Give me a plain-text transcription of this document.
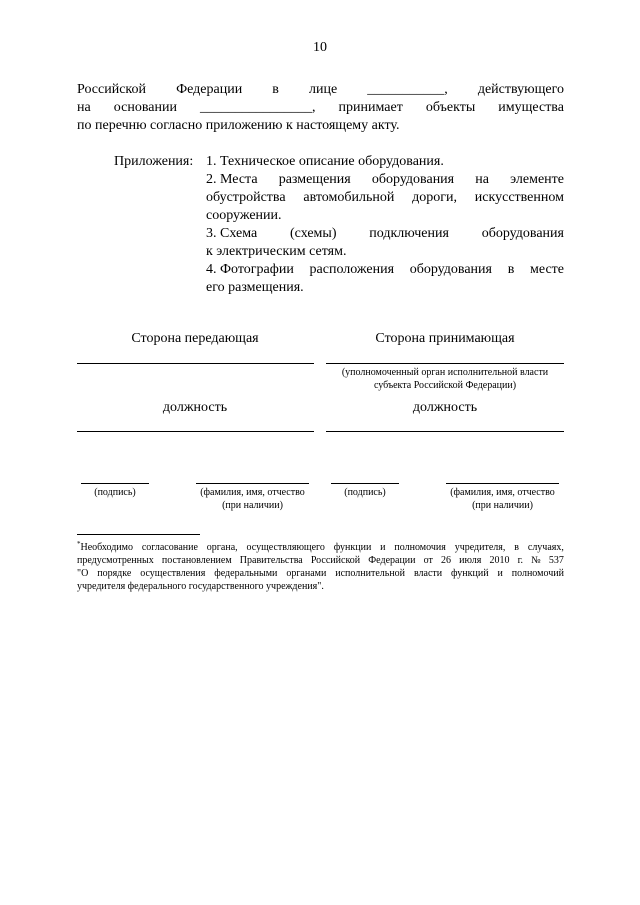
10
Российской Федерации в лице ___________, действующего
на основании ________________, принимает объекты имущества
по перечню согласно приложению к настоящему акту.
Приложения: 1. Техническое описание оборудования.
2. Места размещения оборудования на элементе
обустройства автомобильной дороги, искусственном
сооружении.
3. Схема (схемы) подключения оборудования
к электрическим сетям.
4. Фотографии расположения оборудования в месте
его размещения.
Сторона передающая
должность
(подпись)	(фамилия, имя, отчество
(при наличии)
Сторона принимающая
(уполномоченный орган исполнительной власти
субъекта Российской Федерации)
должность
(подпись)	(фамилия, имя, отчество
(при наличии)
*Необходимо согласование органа, осуществляющего функции и полномочия учредителя, в случаях,
предусмотренных постановлением Правительства Российской Федерации от 26 июля 2010 г. № 537
"О порядке осуществления федеральными органами исполнительной власти функций и полномочий
учредителя федерального государственного учреждения".
